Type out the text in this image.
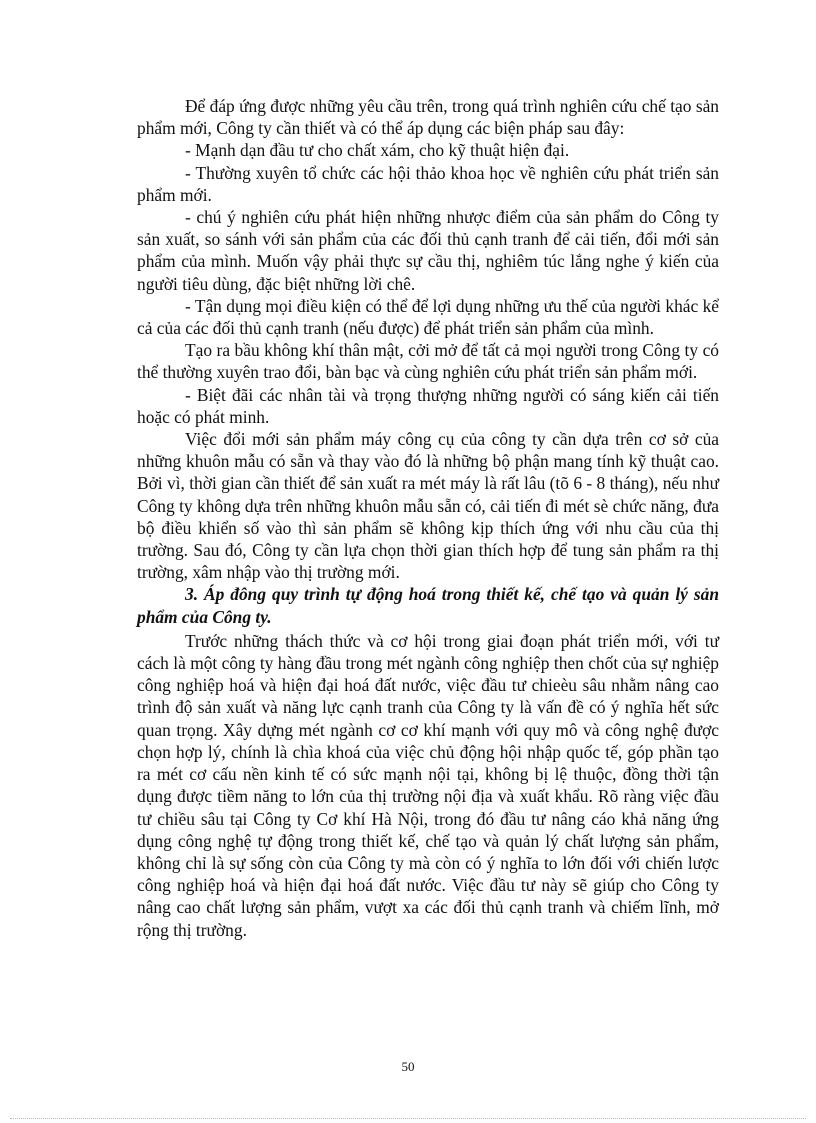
Để đáp ứng được những yêu cầu trên, trong quá trình nghiên cứu chế tạo sản phẩm mới, Công ty cần thiết và có thể áp dụng các biện pháp sau đây:

- Mạnh dạn đầu tư cho chất xám, cho kỹ thuật hiện đại.

- Thường xuyên tổ chức các hội thảo khoa học về nghiên cứu phát triển sản phẩm mới.

- chú ý nghiên cứu phát hiện những nhược điểm của sản phẩm do Công ty sản xuất, so sánh với sản phẩm của các đối thủ cạnh tranh để cải tiến, đổi mới sản phẩm của mình. Muốn vậy phải thực sự cầu thị, nghiêm túc lắng nghe ý kiến của người tiêu dùng, đặc biệt những lời chê.

- Tận dụng mọi điều kiện có thể để lợi dụng những ưu thế của người khác kể cả của các đối thủ cạnh tranh (nếu được) để phát triển sản phẩm của mình.

Tạo ra bầu không khí thân mật, cởi mở để tất cả mọi người trong Công ty có thể thường xuyên trao đổi, bàn bạc và cùng nghiên cứu phát triển sản phẩm mới.

- Biệt đãi các nhân tài và trọng thượng những người có sáng kiến cải tiến hoặc có phát minh.

Việc đổi mới sản phẩm máy công cụ của công ty cần dựa trên cơ sở của những khuôn mẫu có sẵn và thay vào đó là những bộ phận mang tính kỹ thuật cao. Bởi vì, thời gian cần thiết để sản xuất ra mét máy là rất lâu (tõ 6 - 8 tháng), nếu như Công ty không dựa trên những khuôn mẫu sẵn có, cải tiến đi mét sè chức năng, đưa bộ điều khiển số vào thì sản phẩm sẽ không kịp thích ứng với nhu cầu của thị trường. Sau đó, Công ty cần lựa chọn thời gian thích hợp để tung sản phẩm ra thị trường, xâm nhập vào thị trường mới.

3. Áp đông quy trình tự động hoá trong thiết kế, chế tạo và quản lý sản phẩm của Công ty.

Trước những thách thức và cơ hội trong giai đoạn phát triển mới, với tư cách là một công ty hàng đầu trong mét ngành công nghiệp then chốt của sự nghiệp công nghiệp hoá và hiện đại hoá đất nước, việc đầu tư chieèu sâu nhằm nâng cao trình độ sản xuất và năng lực cạnh tranh của Công ty là vấn đề có ý nghĩa hết sức quan trọng. Xây dựng mét ngành cơ cơ khí mạnh với quy mô và công nghệ được chọn hợp lý, chính là chìa khoá của việc chủ động hội nhập quốc tế, góp phần tạo ra mét cơ cấu nền kinh tế có sức mạnh nội tại, không bị lệ thuộc, đồng thời tận dụng được tiềm năng to lớn của thị trường nội địa và xuất khẩu. Rõ ràng việc đầu tư chiều sâu tại Công ty Cơ khí Hà Nội, trong đó đầu tư nâng cáo khả năng ứng dụng công nghệ tự động trong thiết kế, chế tạo và quản lý chất lượng sản phẩm, không chỉ là sự sống còn của Công ty mà còn có ý nghĩa to lớn đối với chiến lược công nghiệp hoá và hiện đại hoá đất nước. Việc đầu tư này sẽ giúp cho Công ty nâng cao chất lượng sản phẩm, vượt xa các đối thủ cạnh tranh và chiếm lĩnh, mở rộng thị trường.

50
